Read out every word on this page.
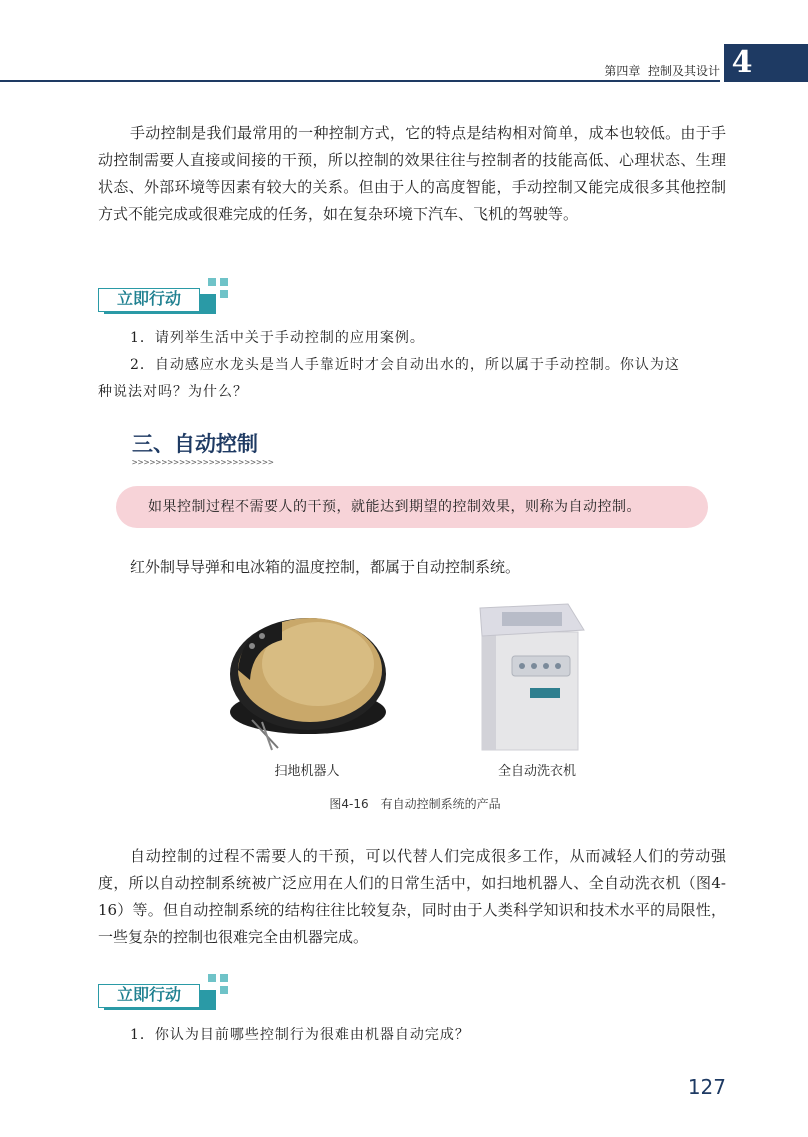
第四章 控制及其设计 4

手动控制是我们最常用的一种控制方式，它的特点是结构相对简单，成本也较低。由于手动控制需要人直接或间接的干预，所以控制的效果往往与控制者的技能高低、心理状态、生理状态、外部环境等因素有较大的关系。但由于人的高度智能，手动控制又能完成很多其他控制方式不能完成或很难完成的任务，如在复杂环境下汽车、飞机的驾驶等。

立即行动

1．请列举生活中关于手动控制的应用案例。

2．自动感应水龙头是当人手靠近时才会自动出水的，所以属于手动控制。你认为这

种说法对吗？为什么？

三、自动控制
>>>>>>>>>>>>>>>>>>>>>>>>
如果控制过程不需要人的干预，就能达到期望的控制效果，则称为自动控制。
红外制导导弹和电冰箱的温度控制，都属于自动控制系统。
扫地机器人	全自动洗衣机
图4-16　有自动控制系统的产品

自动控制的过程不需要人的干预，可以代替人们完成很多工作，从而减轻人们的劳动强度，所以自动控制系统被广泛应用在人们的日常生活中，如扫地机器人、全自动洗衣机（图4-16）等。但自动控制系统的结构往往比较复杂，同时由于人类科学知识和技术水平的局限性，一些复杂的控制也很难完全由机器完成。

立即行动

1．你认为目前哪些控制行为很难由机器自动完成？

127
